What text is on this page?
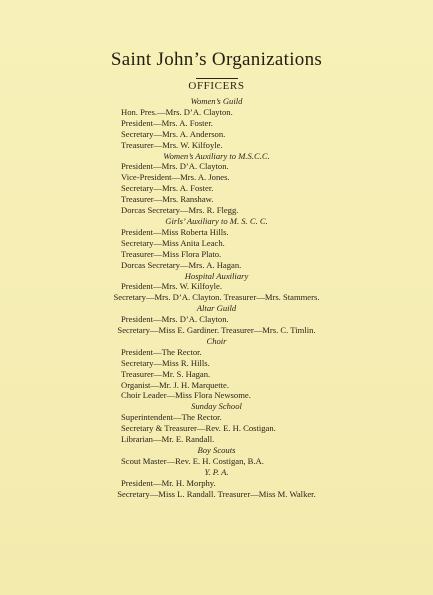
Saint John’s Organizations
OFFICERS
Women’s Guild
Hon. Pres.—Mrs. D’A. Clayton.
President—Mrs. A. Foster.
Secretary—Mrs. A. Anderson.
Treasurer—Mrs. W. Kilfoyle.
Women’s Auxiliary to M.S.C.C.
President—Mrs. D’A. Clayton.
Vice-President—Mrs. A. Jones.
Secretary—Mrs. A. Foster.
Treasurer—Mrs. Ranshaw.
Dorcas Secretary—Mrs. R. Flegg.
Girls’ Auxiliary to M. S. C. C.
President—Miss Roberta Hills.
Secretary—Miss Anita Leach.
Treasurer—Miss Flora Plato.
Dorcas Secretary—Mrs. A. Hagan.
Hospital Auxiliary
President—Mrs. W. Kilfoyle.
Secretary—Mrs. D’A. Clayton. Treasurer—Mrs. Stammers.
Altar Guild
President—Mrs. D’A. Clayton.
Secretary—Miss E. Gardiner. Treasurer—Mrs. C. Timlin.
Choir
President—The Rector.
Secretary—Miss R. Hills.
Treasurer—Mr. S. Hagan.
Organist—Mr. J. H. Marquette.
Choir Leader—Miss Flora Newsome.
Sunday School
Superintendent—The Rector.
Secretary & Treasurer—Rev. E. H. Costigan.
Librarian—Mr. E. Randall.
Boy Scouts
Scout Master—Rev. E. H. Costigan, B.A.
Y. P. A.
President—Mr. H. Morphy.
Secretary—Miss L. Randall. Treasurer—Miss M. Walker.
